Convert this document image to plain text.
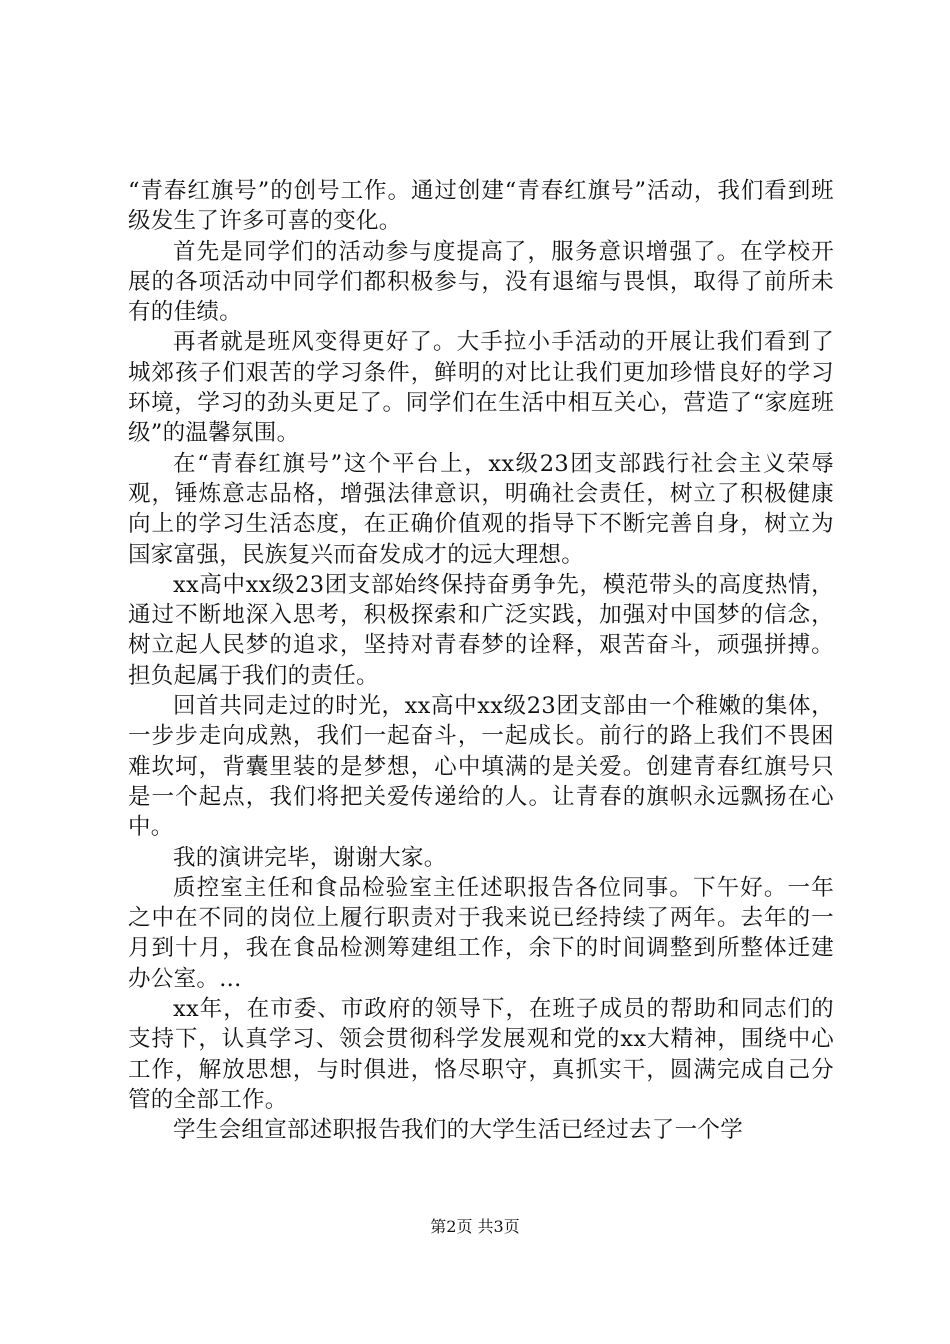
“青春红旗号”的创号工作。通过创建“青春红旗号”活动，我们看到班级发生了许多可喜的变化。

首先是同学们的活动参与度提高了，服务意识增强了。在学校开展的各项活动中同学们都积极参与，没有退缩与畏惧，取得了前所未有的佳绩。

再者就是班风变得更好了。大手拉小手活动的开展让我们看到了城郊孩子们艰苦的学习条件，鲜明的对比让我们更加珍惜良好的学习环境，学习的劲头更足了。同学们在生活中相互关心，营造了“家庭班级”的温馨氛围。

在“青春红旗号”这个平台上，xx级23团支部践行社会主义荣辱观，锤炼意志品格，增强法律意识，明确社会责任，树立了积极健康向上的学习生活态度，在正确价值观的指导下不断完善自身，树立为国家富强，民族复兴而奋发成才的远大理想。

xx高中xx级23团支部始终保持奋勇争先，模范带头的高度热情，通过不断地深入思考，积极探索和广泛实践，加强对中国梦的信念，树立起人民梦的追求，坚持对青春梦的诠释，艰苦奋斗，顽强拼搏。担负起属于我们的责任。

回首共同走过的时光，xx高中xx级23团支部由一个稚嫩的集体，一步步走向成熟，我们一起奋斗，一起成长。前行的路上我们不畏困难坎坷，背囊里装的是梦想，心中填满的是关爱。创建青春红旗号只是一个起点，我们将把关爱传递给的人。让青春的旗帜永远飘扬在心中。

我的演讲完毕，谢谢大家。

质控室主任和食品检验室主任述职报告各位同事。下午好。一年之中在不同的岗位上履行职责对于我来说已经持续了两年。去年的一月到十月，我在食品检测筹建组工作，余下的时间调整到所整体迁建办公室。...

xx年，在市委、市政府的领导下，在班子成员的帮助和同志们的支持下，认真学习、领会贯彻科学发展观和党的xx大精神，围绕中心工作，解放思想，与时俱进，恪尽职守，真抓实干，圆满完成自己分管的全部工作。

学生会组宣部述职报告我们的大学生活已经过去了一个学

第2页 共3页
